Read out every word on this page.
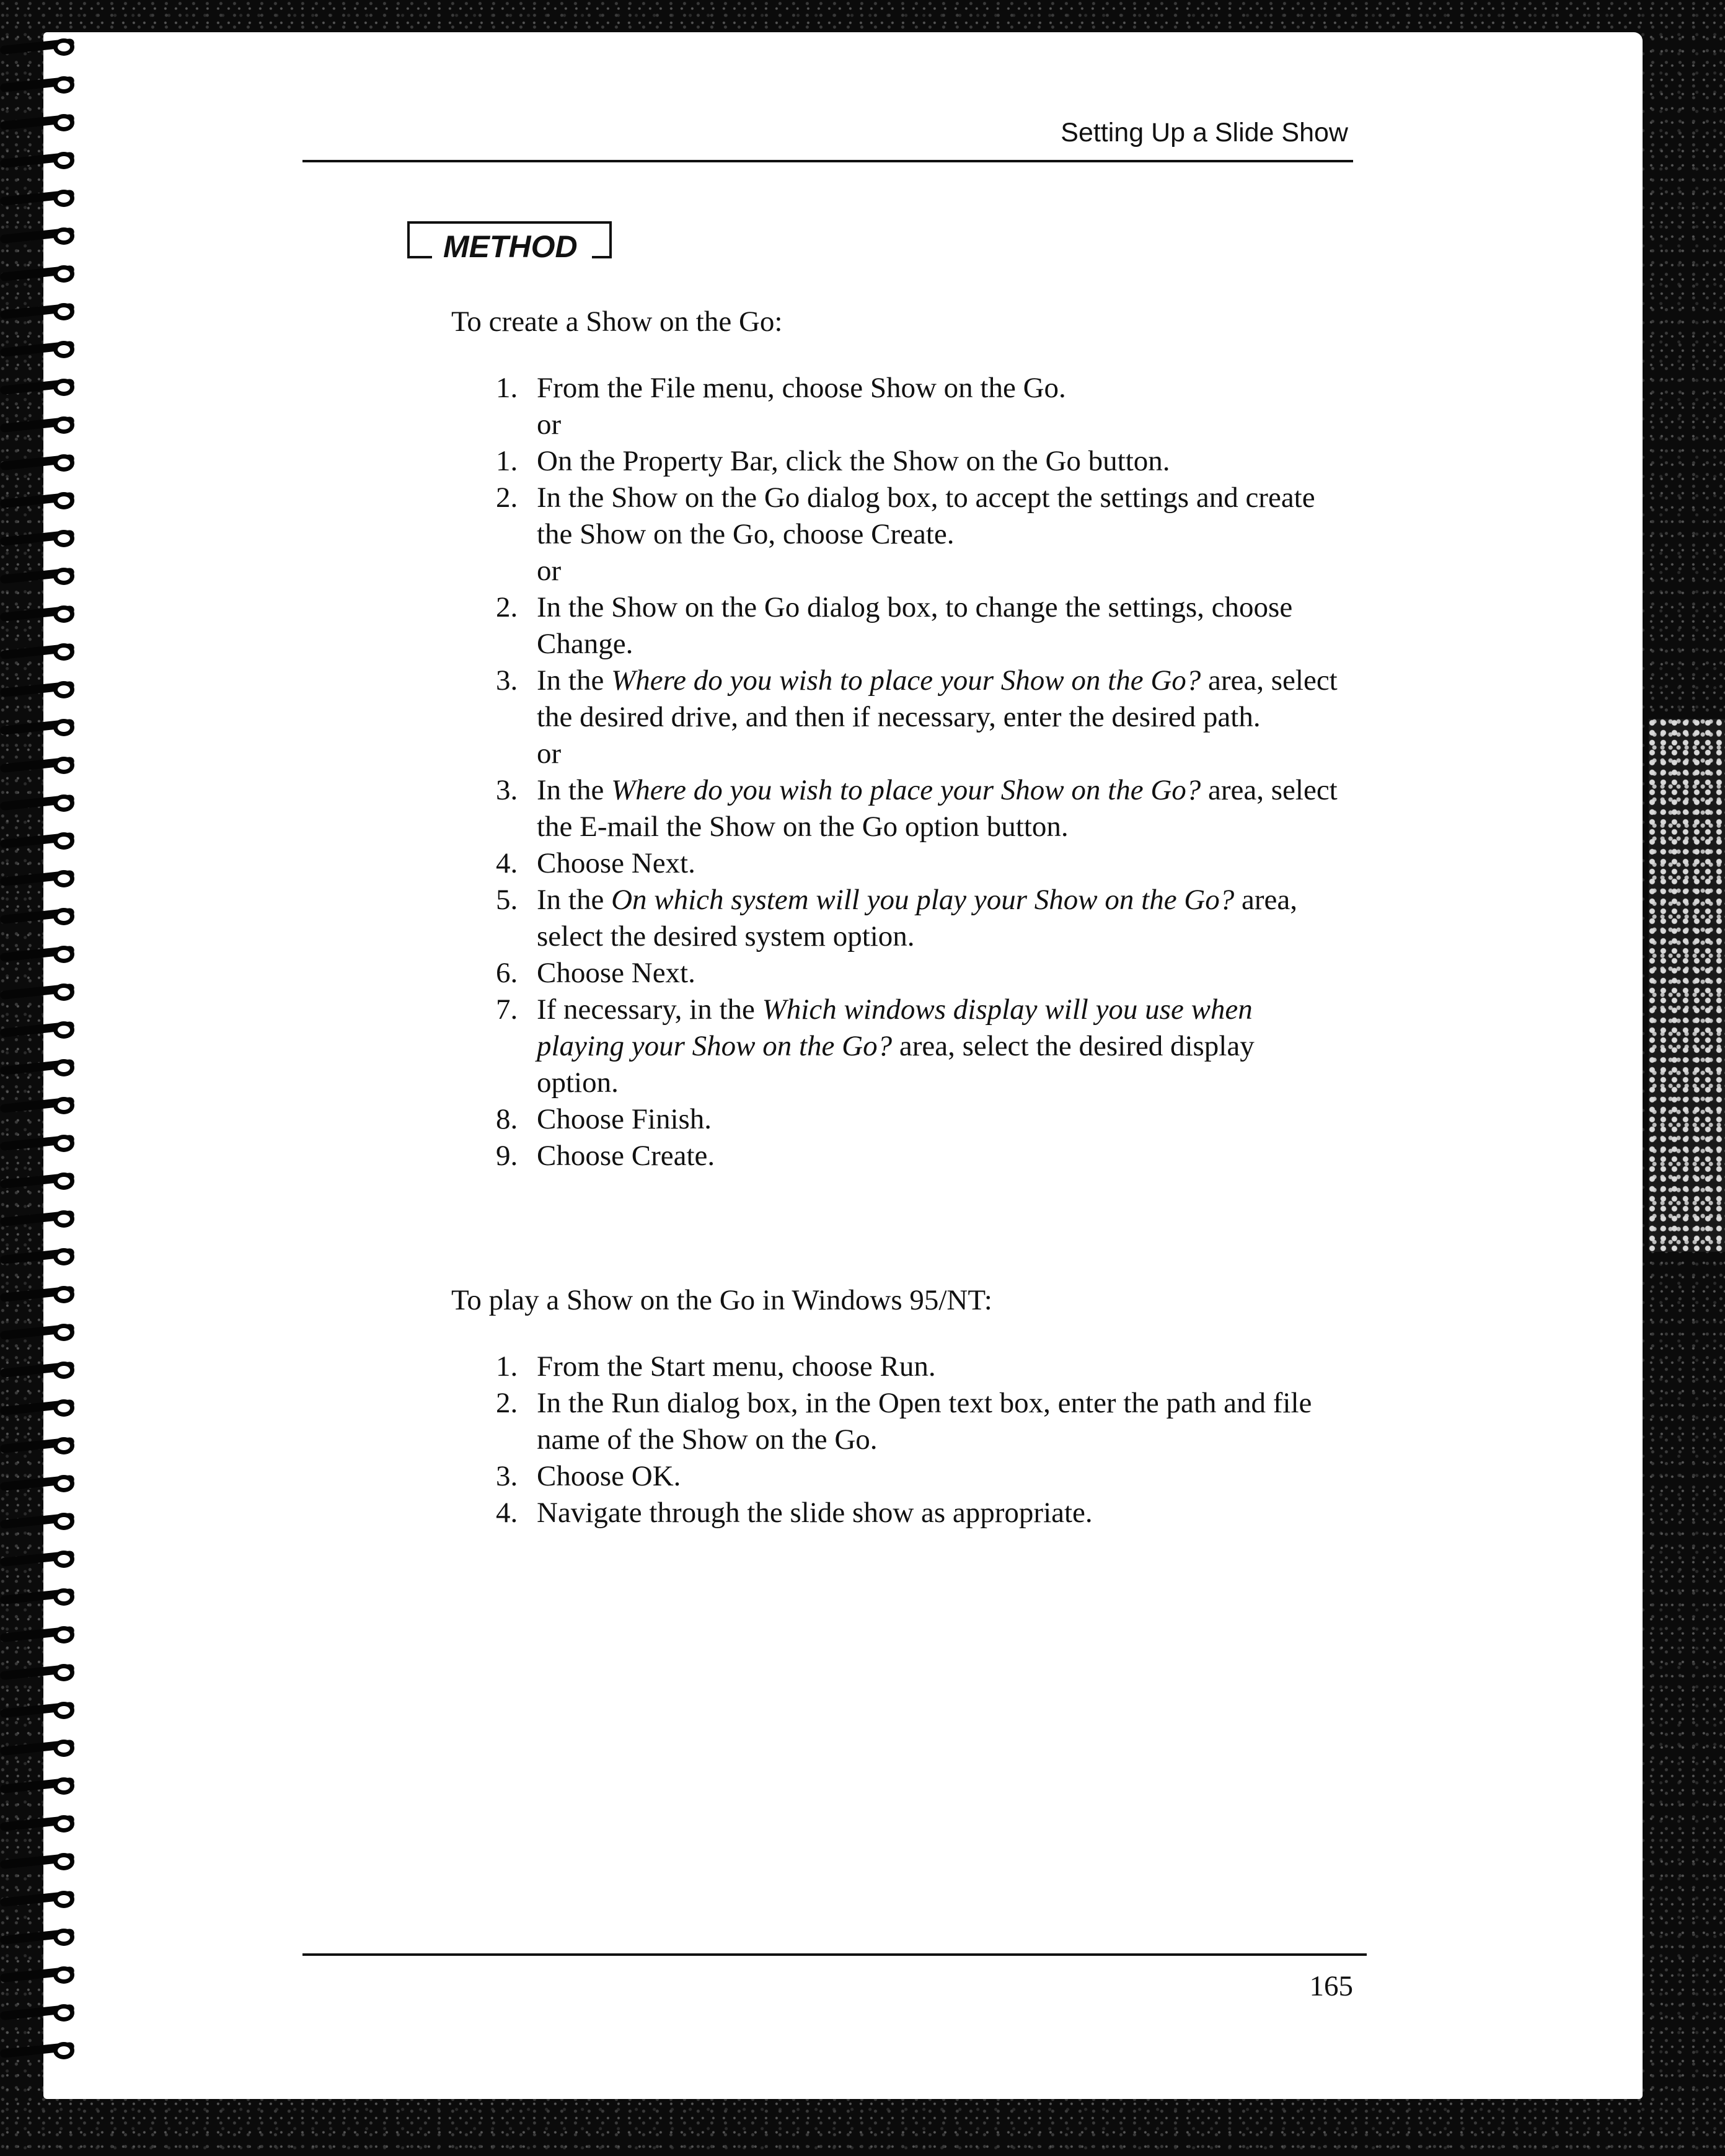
Setting Up a Slide Show
METHOD
To create a Show on the Go:
1. From the File menu, choose Show on the Go.
or
1. On the Property Bar, click the Show on the Go button.
2. In the Show on the Go dialog box, to accept the settings and create the Show on the Go, choose Create.
or
2. In the Show on the Go dialog box, to change the settings, choose Change.
3. In the Where do you wish to place your Show on the Go? area, select the desired drive, and then if necessary, enter the desired path.
or
3. In the Where do you wish to place your Show on the Go? area, select the E-mail the Show on the Go option button.
4. Choose Next.
5. In the On which system will you play your Show on the Go? area, select the desired system option.
6. Choose Next.
7. If necessary, in the Which windows display will you use when playing your Show on the Go? area, select the desired display option.
8. Choose Finish.
9. Choose Create.
To play a Show on the Go in Windows 95/NT:
1. From the Start menu, choose Run.
2. In the Run dialog box, in the Open text box, enter the path and file name of the Show on the Go.
3. Choose OK.
4. Navigate through the slide show as appropriate.
165
